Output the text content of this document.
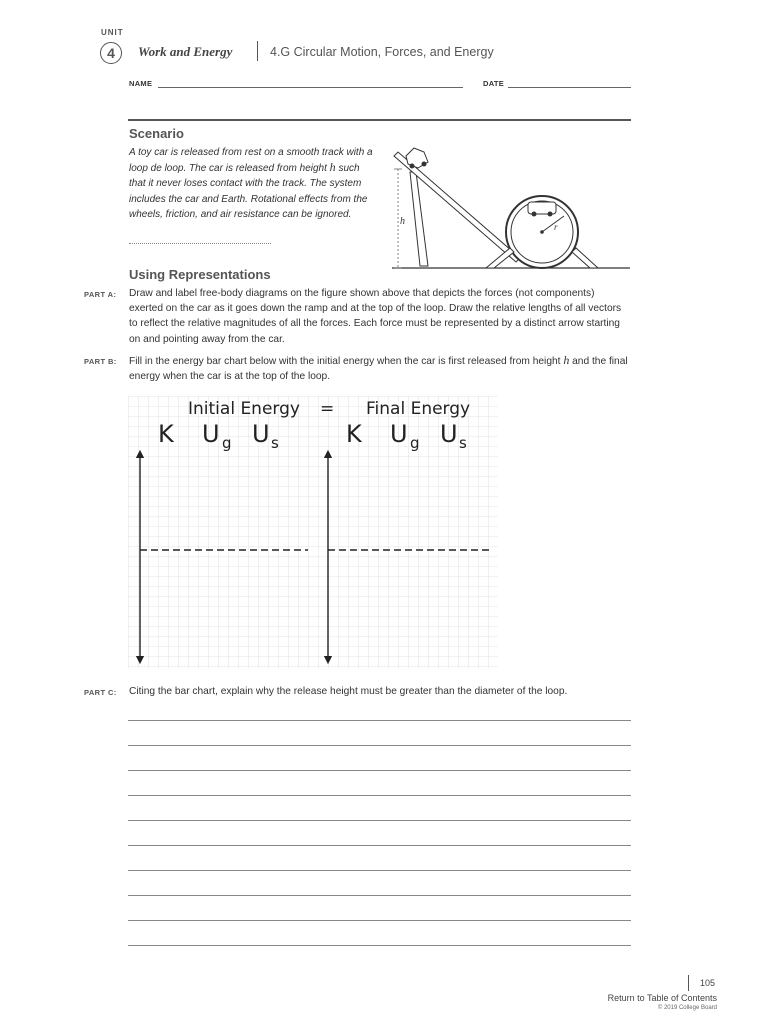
UNIT
4	Work and Energy	4.G Circular Motion, Forces, and Energy
NAME	DATE
Scenario
A toy car is released from rest on a smooth track with a loop de loop. The car is released from height h such that it never loses contact with the track. The system includes the car and Earth. Rotational effects from the wheels, friction, and air resistance can be ignored.
h	r
Using Representations
PART A: Draw and label free-body diagrams on the figure shown above that depicts the forces (not components) exerted on the car as it goes down the ramp and at the top of the loop. Draw the relative lengths of all vectors to reflect the relative magnitudes of all the forces. Each force must be represented by a distinct arrow starting on and pointing away from the car.
PART B: Fill in the energy bar chart below with the initial energy when the car is first released from height h and the final energy when the car is at the top of the loop.
Initial Energy = Final Energy
K U g U s	K U g U s
PART C: Citing the bar chart, explain why the release height must be greater than the diameter of the loop.
105
Return to Table of Contents
© 2019 College Board
